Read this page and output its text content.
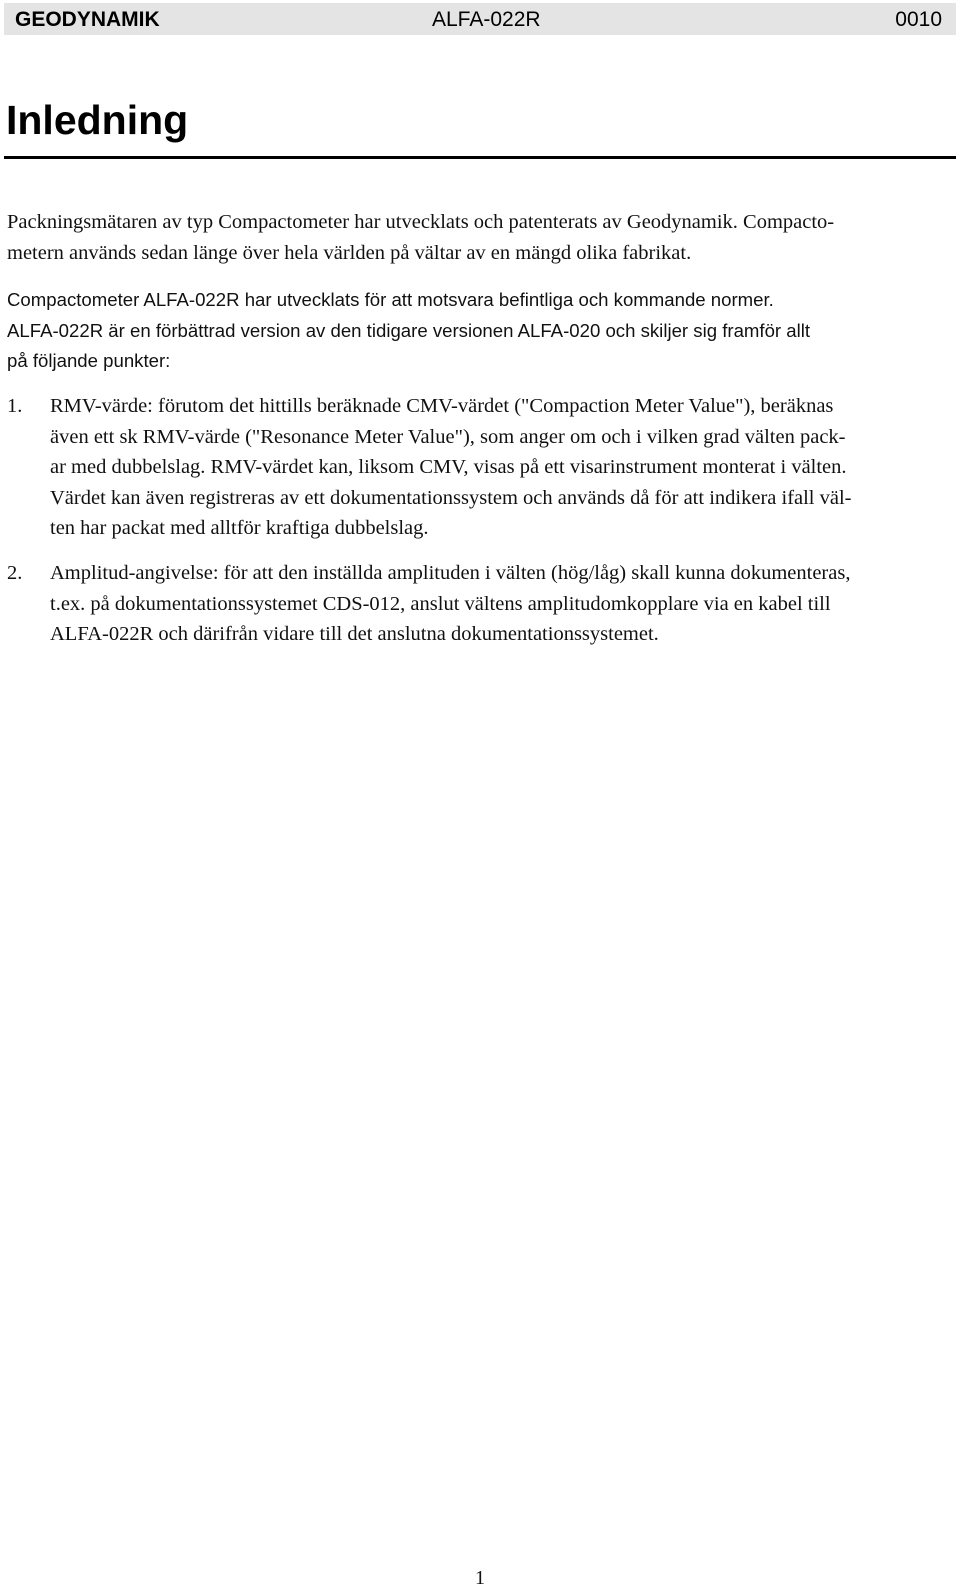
GEODYNAMIK	ALFA-022R	0010
Inledning

Packningsmätaren av typ Compactometer har utvecklats och patenterats av Geodynamik. Compacto-
metern används sedan länge över hela världen på vältar av en mängd olika fabrikat.

Compactometer ALFA-022R har utvecklats för att motsvara befintliga och kommande normer.
ALFA-022R är en förbättrad version av den tidigare versionen ALFA-020 och skiljer sig framför allt
på följande punkter:

1. RMV-värde: förutom det hittills beräknade CMV-värdet ("Compaction Meter Value"), beräknas
även ett sk RMV-värde ("Resonance Meter Value"), som anger om och i vilken grad välten pack-
ar med dubbelslag. RMV-värdet kan, liksom CMV, visas på ett visarinstrument monterat i välten.
Värdet kan även registreras av ett dokumentationssystem och används då för att indikera ifall väl-
ten har packat med alltför kraftiga dubbelslag.

2. Amplitud-angivelse: för att den inställda amplituden i välten (hög/låg) skall kunna dokumenteras,
t.ex. på dokumentationssystemet CDS-012, anslut vältens amplitudomkopplare via en kabel till
ALFA-022R och därifrån vidare till det anslutna dokumentationssystemet.

1
